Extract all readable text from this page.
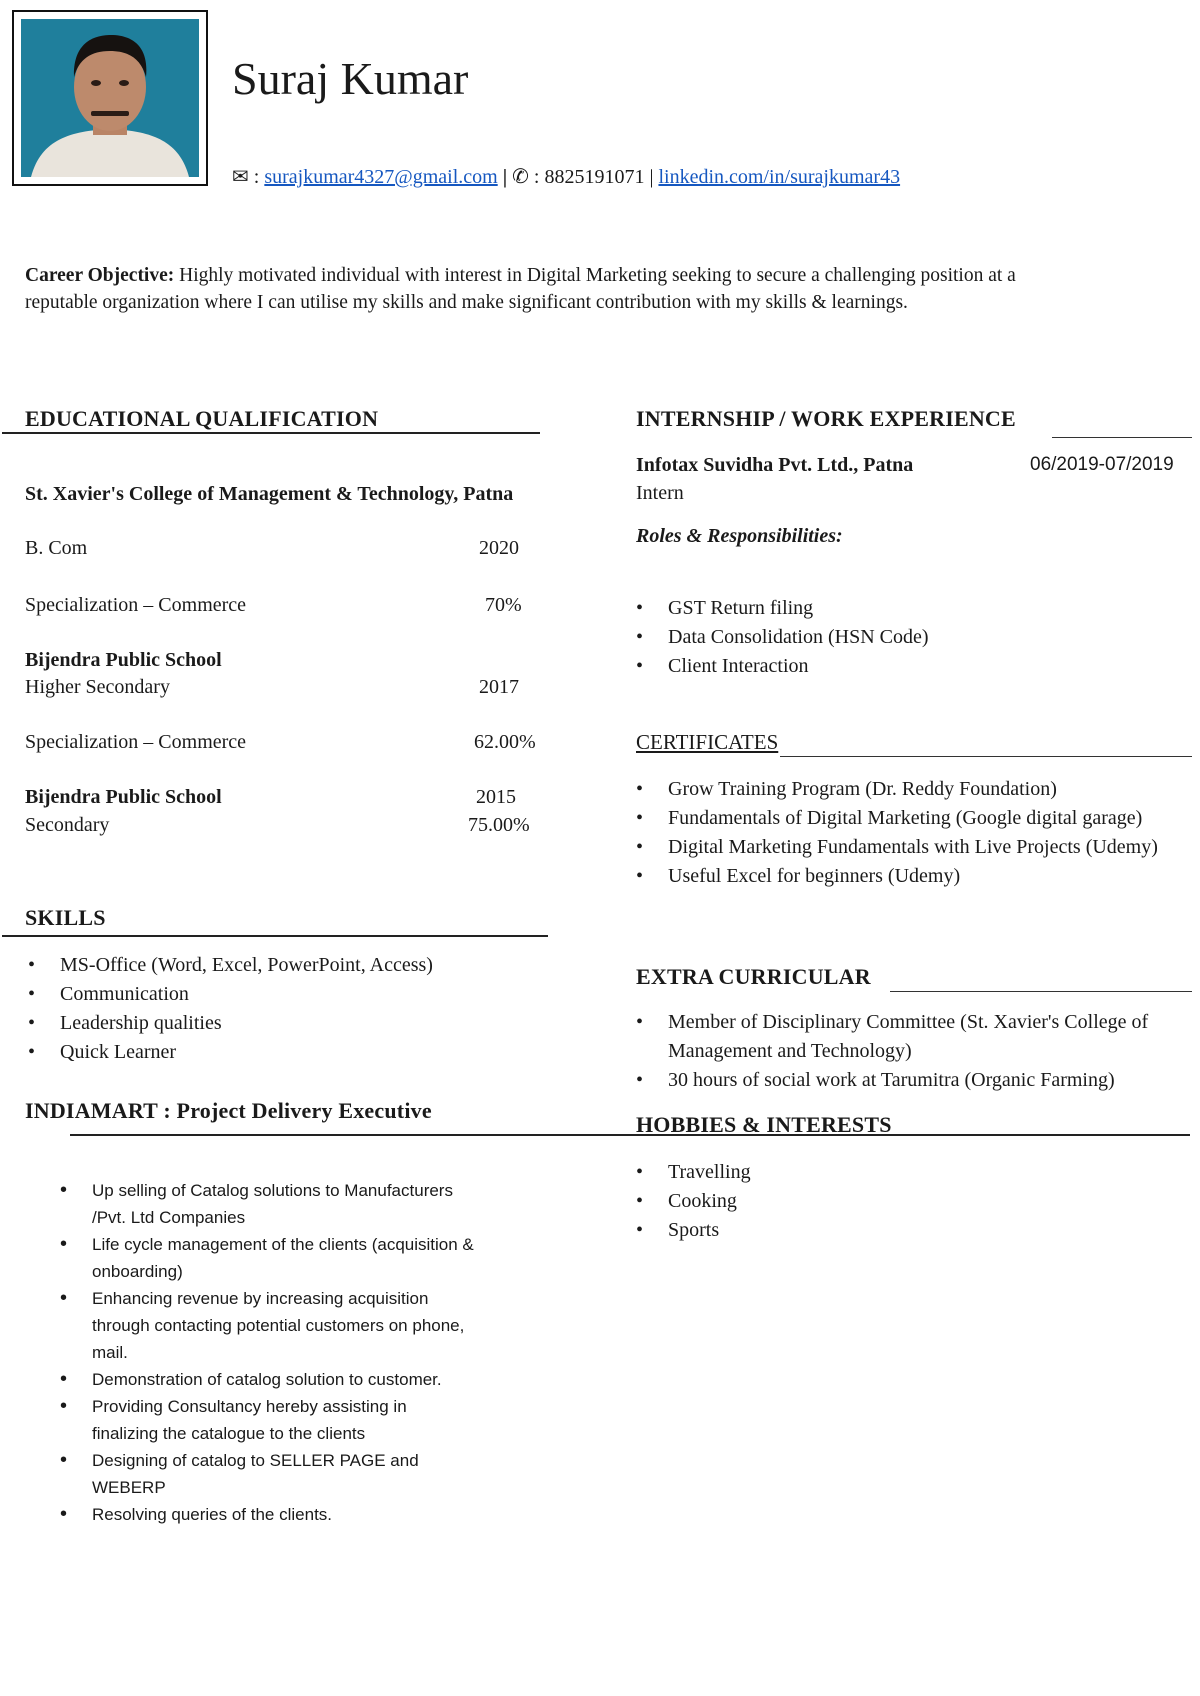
Suraj Kumar
✉ : surajkumar4327@gmail.com | ✆ : 8825191071 | linkedin.com/in/surajkumar43
Career Objective: Highly motivated individual with interest in Digital Marketing seeking to secure a challenging position at a reputable organization where I can utilise my skills and make significant contribution with my skills & learnings.
EDUCATIONAL QUALIFICATION
St. Xavier's College of Management & Technology, Patna
B. Com	2020
Specialization – Commerce	70%
Bijendra Public School
Higher Secondary	2017
Specialization – Commerce	62.00%
Bijendra Public School	2015
Secondary	75.00%
SKILLS
• MS-Office (Word, Excel, PowerPoint, Access)
• Communication
• Leadership qualities
• Quick Learner
INDIAMART : Project Delivery Executive
• Up selling of Catalog solutions to Manufacturers /Pvt. Ltd Companies
• Life cycle management of the clients (acquisition & onboarding)
• Enhancing revenue by increasing acquisition through contacting potential customers on phone, mail.
• Demonstration of catalog solution to customer.
• Providing Consultancy hereby assisting in finalizing the catalogue to the clients
• Designing of catalog to SELLER PAGE and WEBERP
• Resolving queries of the clients.
INTERNSHIP / WORK EXPERIENCE
Infotax Suvidha Pvt. Ltd., Patna	06/2019-07/2019
Intern
Roles & Responsibilities:
• GST Return filing
• Data Consolidation (HSN Code)
• Client Interaction
CERTIFICATES
• Grow Training Program (Dr. Reddy Foundation)
• Fundamentals of Digital Marketing (Google digital garage)
• Digital Marketing Fundamentals with Live Projects (Udemy)
• Useful Excel for beginners (Udemy)
EXTRA CURRICULAR
• Member of Disciplinary Committee (St. Xavier's College of Management and Technology)
• 30 hours of social work at Tarumitra (Organic Farming)
HOBBIES & INTERESTS
• Travelling
• Cooking
• Sports
